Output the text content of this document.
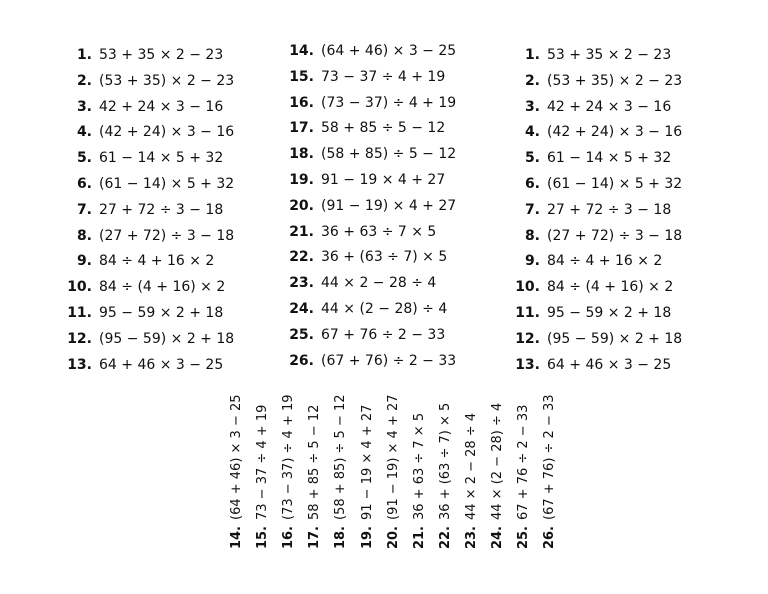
1. 53 + 35 × 2 − 23
2. (53 + 35) × 2 − 23
3. 42 + 24 × 3 − 16
4. (42 + 24) × 3 − 16
5. 61 − 14 × 5 + 32
6. (61 − 14) × 5 + 32
7. 27 + 72 ÷ 3 − 18
8. (27 + 72) ÷ 3 − 18
9. 84 ÷ 4 + 16 × 2
10. 84 ÷ (4 + 16) × 2
11. 95 − 59 × 2 + 18
12. (95 − 59) × 2 + 18
13. 64 + 46 × 3 − 25
14. (64 + 46) × 3 − 25
15. 73 − 37 ÷ 4 + 19
16. (73 − 37) ÷ 4 + 19
17. 58 + 85 ÷ 5 − 12
18. (58 + 85) ÷ 5 − 12
19. 91 − 19 × 4 + 27
20. (91 − 19) × 4 + 27
21. 36 + 63 ÷ 7 × 5
22. 36 + (63 ÷ 7) × 5
23. 44 × 2 − 28 ÷ 4
24. 44 × (2 − 28) ÷ 4
25. 67 + 76 ÷ 2 − 33
26. (67 + 76) ÷ 2 − 33
1. 53 + 35 × 2 − 23
2. (53 + 35) × 2 − 23
3. 42 + 24 × 3 − 16
4. (42 + 24) × 3 − 16
5. 61 − 14 × 5 + 32
6. (61 − 14) × 5 + 32
7. 27 + 72 ÷ 3 − 18
8. (27 + 72) ÷ 3 − 18
9. 84 ÷ 4 + 16 × 2
10. 84 ÷ (4 + 16) × 2
11. 95 − 59 × 2 + 18
12. (95 − 59) × 2 + 18
13. 64 + 46 × 3 − 25
14.(64 + 46) × 3 − 25
15.73 − 37 ÷ 4 + 19
16.(73 − 37) ÷ 4 + 19
17.58 + 85 ÷ 5 − 12
18.(58 + 85) ÷ 5 − 12
19.91 − 19 × 4 + 27
20.(91 − 19) × 4 + 27
21.36 + 63 ÷ 7 × 5
22.36 + (63 ÷ 7) × 5
23.44 × 2 − 28 ÷ 4
24.44 × (2 − 28) ÷ 4
25.67 + 76 ÷ 2 − 33
26.(67 + 76) ÷ 2 − 33
